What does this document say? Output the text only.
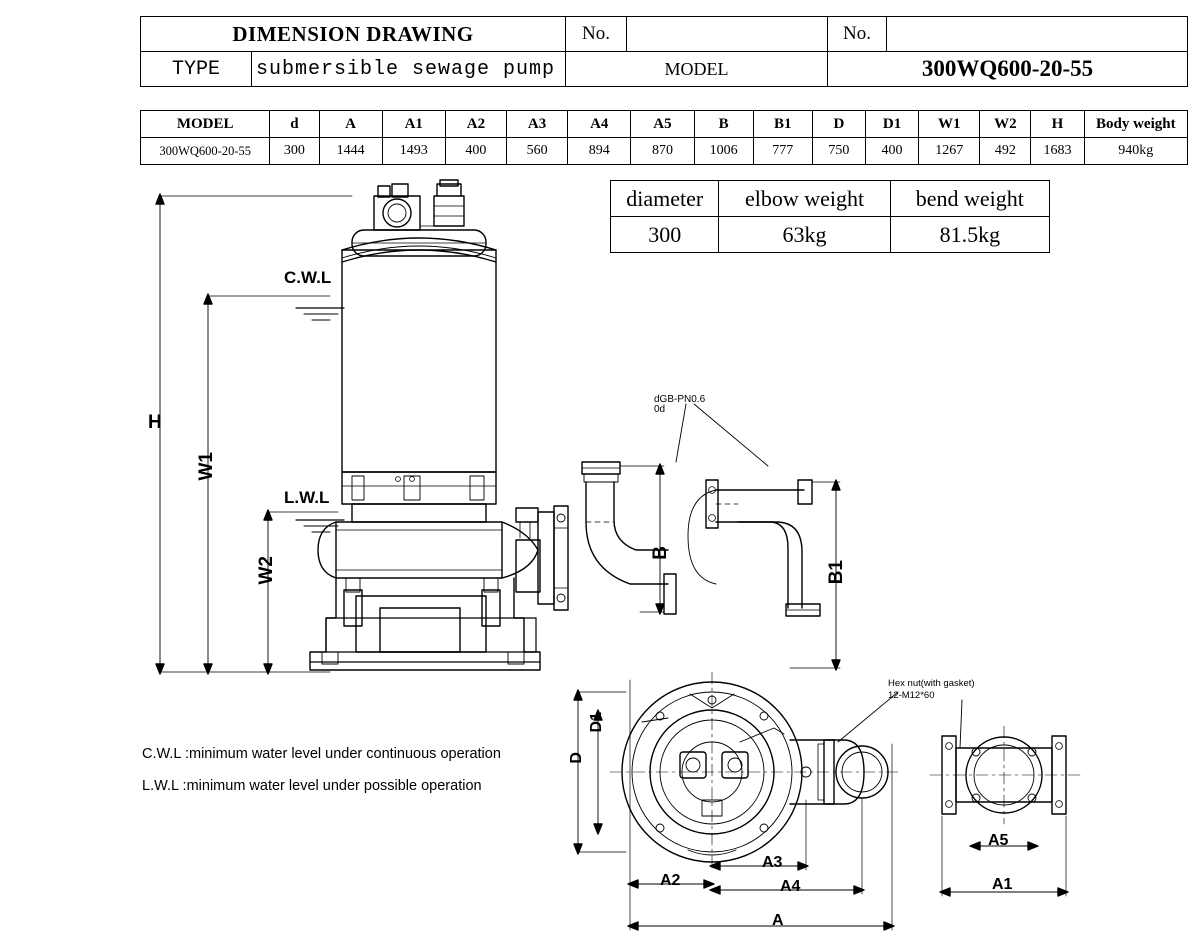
DIMENSION DRAWING		No.		No.	
TYPE	submersible sewage pump	MODEL		300WQ600-20-55	
MODEL	d	A	A1	A2	A3	A4	A5	B	B1	D	D1	W1	W2	H	Body weight
300WQ600-20-55	300	1444	1493	400	560	894	870	1006	777	750	400	1267	492	1683	940kg
diameter	elbow weight	bend weight
300	63kg	81.5kg
H
W1
W2
B
B1
D
D1
A2
A3
A4
A
A5
A1
C.W.L
L.W.L
dGB-PN0.6
0d
Hex nut(with gasket)
12-M12*60
C.W.L :minimum water level under continuous operation
L.W.L :minimum water level under possible operation
